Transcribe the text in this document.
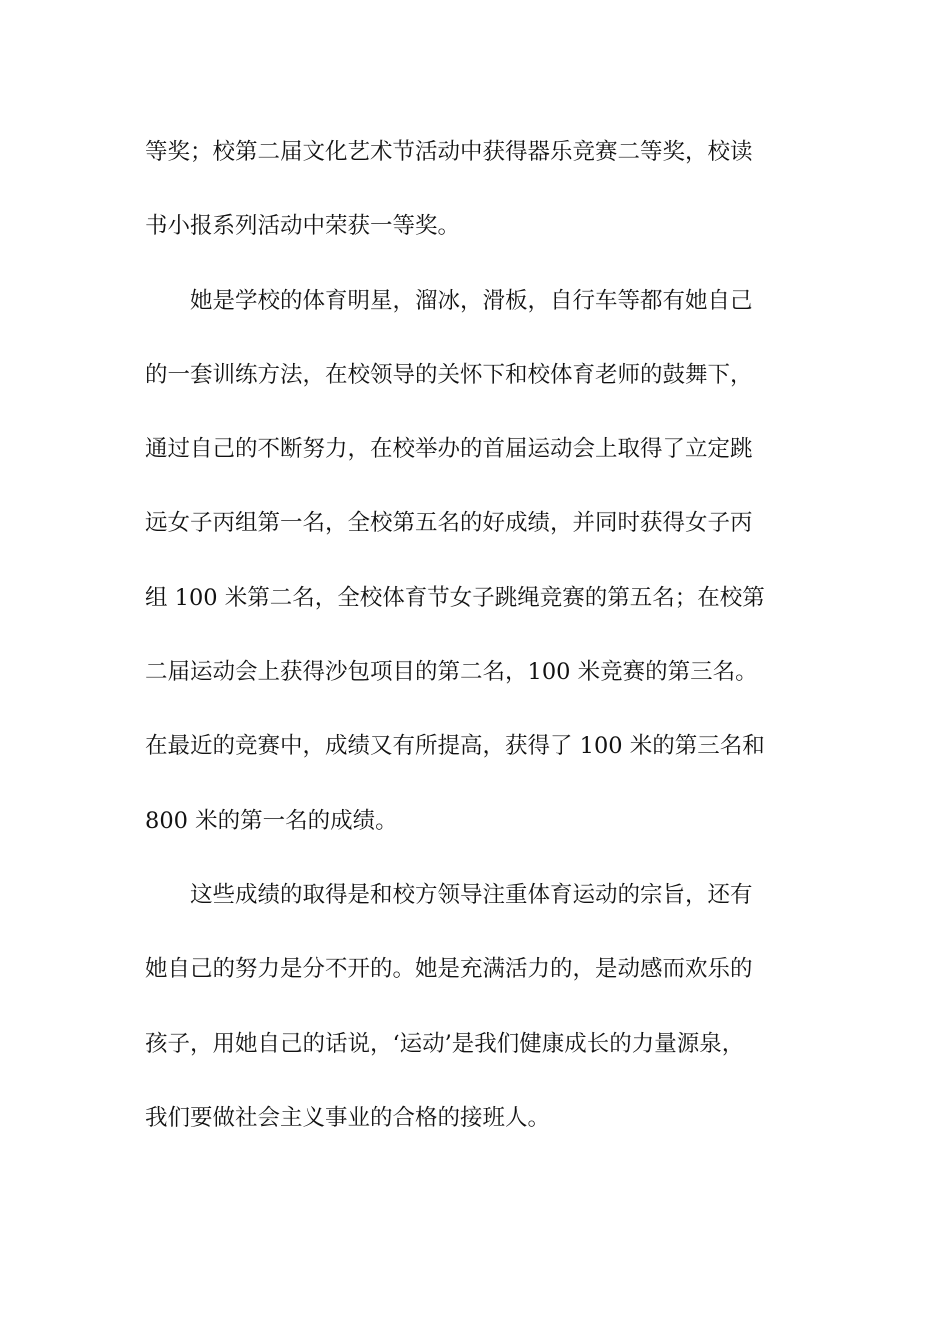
等奖；校第二届文化艺术节活动中获得器乐竞赛二等奖，校读
书小报系列活动中荣获一等奖。
　　她是学校的体育明星，溜冰，滑板，自行车等都有她自己
的一套训练方法，在校领导的关怀下和校体育老师的鼓舞下，
通过自己的不断努力，在校举办的首届运动会上取得了立定跳
远女子丙组第一名，全校第五名的好成绩，并同时获得女子丙
组 100 米第二名，全校体育节女子跳绳竞赛的第五名；在校第
二届运动会上获得沙包项目的第二名，100 米竞赛的第三名。
在最近的竞赛中，成绩又有所提高，获得了 100 米的第三名和
800 米的第一名的成绩。
　　这些成绩的取得是和校方领导注重体育运动的宗旨，还有
她自己的努力是分不开的。她是充满活力的，是动感而欢乐的
孩子，用她自己的话说，‘运动’是我们健康成长的力量源泉，
我们要做社会主义事业的合格的接班人。
